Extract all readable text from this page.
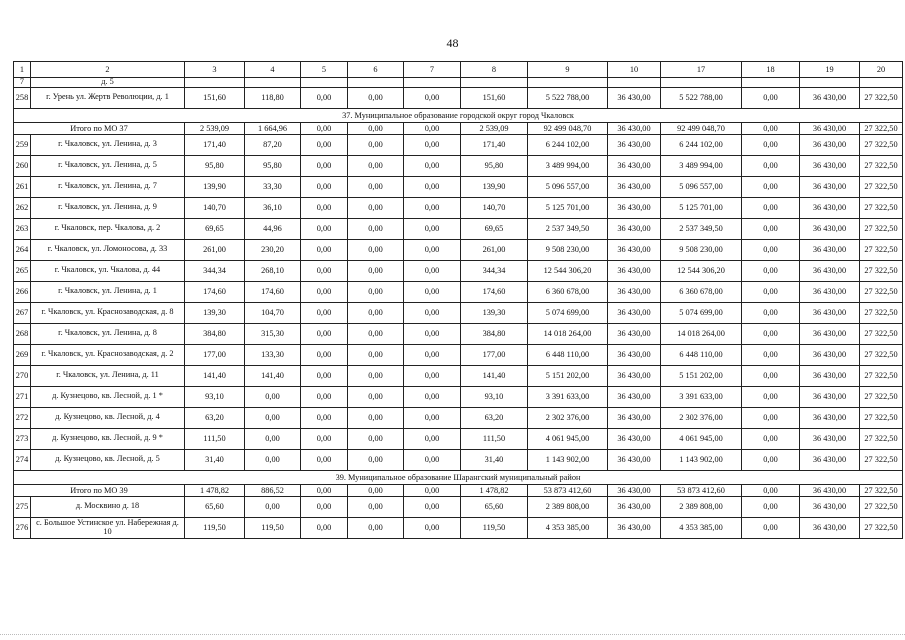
48
1	2	3	4	5	6	7	8	9	10	17	18	19	20
7	д. 5												
258	г. Урень ул. Жертв Революции, д. 1	151,60	118,80	0,00	0,00	0,00	151,60	5 522 788,00	36 430,00	5 522 788,00	0,00	36 430,00	27 322,50
37. Муниципальное образование городской округ город Чкаловск													
Итого по МО 37		2 539,09	1 664,96	0,00	0,00	0,00	2 539,09	92 499 048,70	36 430,00	92 499 048,70	0,00	36 430,00	27 322,50
259	г. Чкаловск, ул. Ленина, д. 3	171,40	87,20	0,00	0,00	0,00	171,40	6 244 102,00	36 430,00	6 244 102,00	0,00	36 430,00	27 322,50
260	г. Чкаловск, ул. Ленина, д. 5	95,80	95,80	0,00	0,00	0,00	95,80	3 489 994,00	36 430,00	3 489 994,00	0,00	36 430,00	27 322,50
261	г. Чкаловск, ул. Ленина, д. 7	139,90	33,30	0,00	0,00	0,00	139,90	5 096 557,00	36 430,00	5 096 557,00	0,00	36 430,00	27 322,50
262	г. Чкаловск, ул. Ленина, д. 9	140,70	36,10	0,00	0,00	0,00	140,70	5 125 701,00	36 430,00	5 125 701,00	0,00	36 430,00	27 322,50
263	г. Чкаловск, пер. Чкалова, д. 2	69,65	44,96	0,00	0,00	0,00	69,65	2 537 349,50	36 430,00	2 537 349,50	0,00	36 430,00	27 322,50
264	г. Чкаловск, ул. Ломоносова, д. 33	261,00	230,20	0,00	0,00	0,00	261,00	9 508 230,00	36 430,00	9 508 230,00	0,00	36 430,00	27 322,50
265	г. Чкаловск, ул. Чкалова, д. 44	344,34	268,10	0,00	0,00	0,00	344,34	12 544 306,20	36 430,00	12 544 306,20	0,00	36 430,00	27 322,50
266	г. Чкаловск, ул. Ленина, д. 1	174,60	174,60	0,00	0,00	0,00	174,60	6 360 678,00	36 430,00	6 360 678,00	0,00	36 430,00	27 322,50
267	г. Чкаловск, ул. Краснозаводская, д. 8	139,30	104,70	0,00	0,00	0,00	139,30	5 074 699,00	36 430,00	5 074 699,00	0,00	36 430,00	27 322,50
268	г. Чкаловск, ул. Ленина, д. 8	384,80	315,30	0,00	0,00	0,00	384,80	14 018 264,00	36 430,00	14 018 264,00	0,00	36 430,00	27 322,50
269	г. Чкаловск, ул. Краснозаводская, д. 2	177,00	133,30	0,00	0,00	0,00	177,00	6 448 110,00	36 430,00	6 448 110,00	0,00	36 430,00	27 322,50
270	г. Чкаловск, ул. Ленина, д. 11	141,40	141,40	0,00	0,00	0,00	141,40	5 151 202,00	36 430,00	5 151 202,00	0,00	36 430,00	27 322,50
271	д. Кузнецово, кв. Лесной, д. 1 *	93,10	0,00	0,00	0,00	0,00	93,10	3 391 633,00	36 430,00	3 391 633,00	0,00	36 430,00	27 322,50
272	д. Кузнецово, кв. Лесной, д. 4	63,20	0,00	0,00	0,00	0,00	63,20	2 302 376,00	36 430,00	2 302 376,00	0,00	36 430,00	27 322,50
273	д. Кузнецово, кв. Лесной, д. 9 *	111,50	0,00	0,00	0,00	0,00	111,50	4 061 945,00	36 430,00	4 061 945,00	0,00	36 430,00	27 322,50
274	д. Кузнецово, кв. Лесной, д. 5	31,40	0,00	0,00	0,00	0,00	31,40	1 143 902,00	36 430,00	1 143 902,00	0,00	36 430,00	27 322,50
39. Муниципальное образование Шарангский муниципальный район													
Итого по МО 39		1 478,82	886,52	0,00	0,00	0,00	1 478,82	53 873 412,60	36 430,00	53 873 412,60	0,00	36 430,00	27 322,50
275	д. Москвино д. 18	65,60	0,00	0,00	0,00	0,00	65,60	2 389 808,00	36 430,00	2 389 808,00	0,00	36 430,00	27 322,50
276	с. Большое Устинское ул. Набережная д. 10	119,50	119,50	0,00	0,00	0,00	119,50	4 353 385,00	36 430,00	4 353 385,00	0,00	36 430,00	27 322,50
